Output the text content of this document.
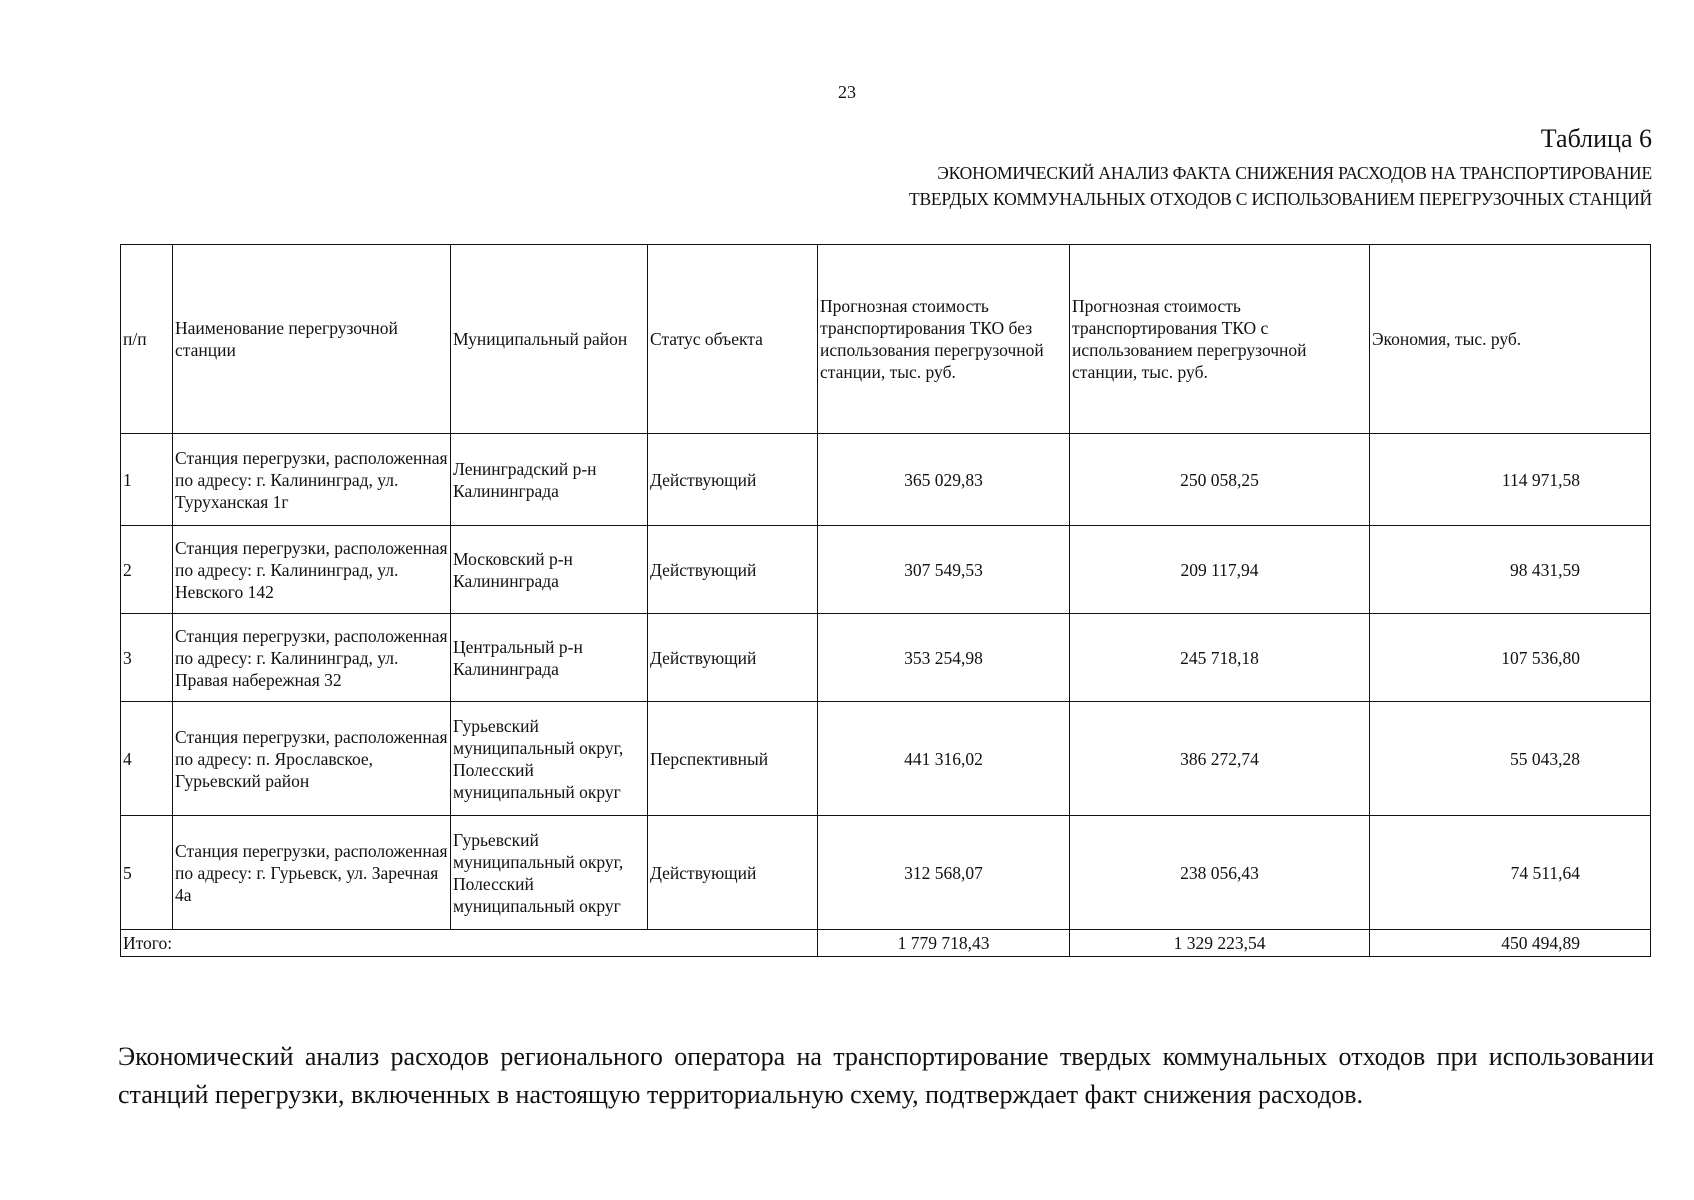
23
Таблица 6
ЭКОНОМИЧЕСКИЙ АНАЛИЗ ФАКТА СНИЖЕНИЯ РАСХОДОВ НА ТРАНСПОРТИРОВАНИЕ
ТВЕРДЫХ КОММУНАЛЬНЫХ ОТХОДОВ С ИСПОЛЬЗОВАНИЕМ ПЕРЕГРУЗОЧНЫХ СТАНЦИЙ
п/п	Наименование перегрузочной станции	Муниципальный район	Статус объекта	Прогнозная стоимость транспортирования ТКО без использования перегрузочной станции, тыс. руб.	Прогнозная стоимость транспортирования ТКО с использованием перегрузочной станции, тыс. руб.	Экономия, тыс. руб.
1	Станция перегрузки, расположенная по адресу: г. Калининград, ул. Туруханская 1г	Ленинградский р-н Калининграда	Действующий	365 029,83	250 058,25	114 971,58
2	Станция перегрузки, расположенная по адресу: г. Калининград, ул. Невского 142	Московский р-н Калининграда	Действующий	307 549,53	209 117,94	98 431,59
3	Станция перегрузки, расположенная по адресу: г. Калининград, ул. Правая набережная 32	Центральный р-н Калининграда	Действующий	353 254,98	245 718,18	107 536,80
4	Станция перегрузки, расположенная по адресу: п. Ярославское, Гурьевский район	Гурьевский муниципальный округ, Полесский муниципальный округ	Перспективный	441 316,02	386 272,74	55 043,28
5	Станция перегрузки, расположенная по адресу: г. Гурьевск, ул. Заречная 4а	Гурьевский муниципальный округ, Полесский муниципальный округ	Действующий	312 568,07	238 056,43	74 511,64
Итого:				1 779 718,43	1 329 223,54	450 494,89

Экономический анализ расходов регионального оператора на транспортирование твердых коммунальных отходов при использовании станций перегрузки, включенных в настоящую территориальную схему, подтверждает факт снижения расходов.
